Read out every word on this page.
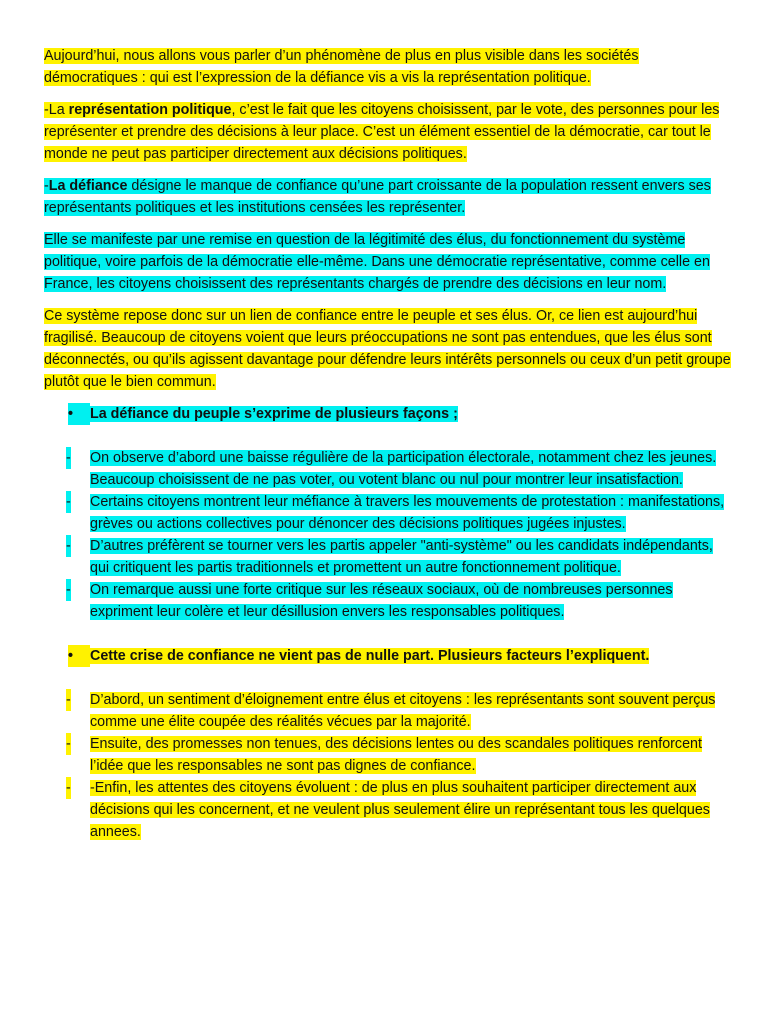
Aujourd’hui, nous allons vous parler d’un phénomène de plus en plus visible dans les sociétés démocratiques : qui est l’expression de la défiance vis a vis la représentation politique.

-La représentation politique, c’est le fait que les citoyens choisissent, par le vote, des personnes pour les représenter et prendre des décisions à leur place. C’est un élément essentiel de la démocratie, car tout le monde ne peut pas participer directement aux décisions politiques.

-La défiance désigne le manque de confiance qu’une part croissante de la population ressent envers ses représentants politiques et les institutions censées les représenter.

Elle se manifeste par une remise en question de la légitimité des élus, du fonctionnement du système politique, voire parfois de la démocratie elle-même. Dans une démocratie représentative, comme celle en France, les citoyens choisissent des représentants chargés de prendre des décisions en leur nom.

Ce système repose donc sur un lien de confiance entre le peuple et ses élus. Or, ce lien est aujourd’hui fragilisé. Beaucoup de citoyens voient que leurs préoccupations ne sont pas entendues, que les élus sont déconnectés, ou qu’ils agissent davantage pour défendre leurs intérêts personnels ou ceux d’un petit groupe plutôt que le bien commun.

•	La défiance du peuple s’exprime de plusieurs façons ;
- On observe d’abord une baisse régulière de la participation électorale, notamment chez les jeunes. Beaucoup choisissent de ne pas voter, ou votent blanc ou nul pour montrer leur insatisfaction.
- Certains citoyens montrent leur méfiance à travers les mouvements de protestation : manifestations, grèves ou actions collectives pour dénoncer des décisions politiques jugées injustes.
- D’autres préfèrent se tourner vers les partis appeler "anti-système" ou les candidats indépendants, qui critiquent les partis traditionnels et promettent un autre fonctionnement politique.
- On remarque aussi une forte critique sur les réseaux sociaux, où de nombreuses personnes expriment leur colère et leur désillusion envers les responsables politiques.
•	Cette crise de confiance ne vient pas de nulle part. Plusieurs facteurs l’expliquent.
- D’abord, un sentiment d’éloignement entre élus et citoyens : les représentants sont souvent perçus comme une élite coupée des réalités vécues par la majorité.
- Ensuite, des promesses non tenues, des décisions lentes ou des scandales politiques renforcent l’idée que les responsables ne sont pas dignes de confiance.
- -Enfin, les attentes des citoyens évoluent : de plus en plus souhaitent participer directement aux décisions qui les concernent, et ne veulent plus seulement élire un représentant tous les quelques annees.
